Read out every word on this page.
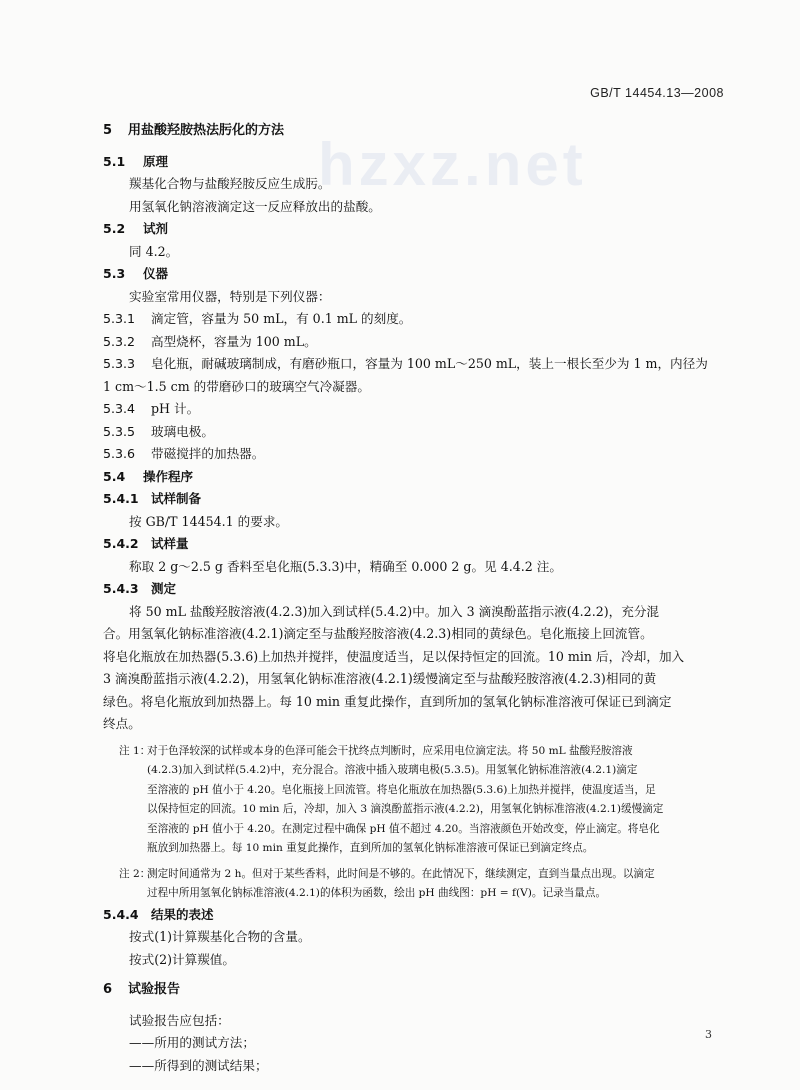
hzxz.net
GB/T 14454.13—2008
5 用盐酸羟胺热法肟化的方法
5.1 原理
羰基化合物与盐酸羟胺反应生成肟。
用氢氧化钠溶液滴定这一反应释放出的盐酸。
5.2 试剂
同 4.2。
5.3 仪器
实验室常用仪器，特别是下列仪器：
5.3.1 滴定管，容量为 50 mL，有 0.1 mL 的刻度。
5.3.2 高型烧杯，容量为 100 mL。
5.3.3 皂化瓶，耐碱玻璃制成，有磨砂瓶口，容量为 100 mL～250 mL，装上一根长至少为 1 m，内径为
1 cm～1.5 cm 的带磨砂口的玻璃空气冷凝器。
5.3.4 pH 计。
5.3.5 玻璃电极。
5.3.6 带磁搅拌的加热器。
5.4 操作程序
5.4.1 试样制备
按 GB/T 14454.1 的要求。
5.4.2 试样量
称取 2 g～2.5 g 香料至皂化瓶(5.3.3)中，精确至 0.000 2 g。见 4.4.2 注。
5.4.3 测定
将 50 mL 盐酸羟胺溶液(4.2.3)加入到试样(5.4.2)中。加入 3 滴溴酚蓝指示液(4.2.2)，充分混
合。用氢氧化钠标准溶液(4.2.1)滴定至与盐酸羟胺溶液(4.2.3)相同的黄绿色。皂化瓶接上回流管。
将皂化瓶放在加热器(5.3.6)上加热并搅拌，使温度适当，足以保持恒定的回流。10 min 后，冷却，加入
3 滴溴酚蓝指示液(4.2.2)，用氢氧化钠标准溶液(4.2.1)缓慢滴定至与盐酸羟胺溶液(4.2.3)相同的黄
绿色。将皂化瓶放到加热器上。每 10 min 重复此操作，直到所加的氢氧化钠标准溶液可保证已到滴定
终点。
注 1：对于色泽较深的试样或本身的色泽可能会干扰终点判断时，应采用电位滴定法。将 50 mL 盐酸羟胺溶液
(4.2.3)加入到试样(5.4.2)中，充分混合。溶液中插入玻璃电极(5.3.5)。用氢氧化钠标准溶液(4.2.1)滴定
至溶液的 pH 值小于 4.20。皂化瓶接上回流管。将皂化瓶放在加热器(5.3.6)上加热并搅拌，使温度适当，足
以保持恒定的回流。10 min 后，冷却，加入 3 滴溴酚蓝指示液(4.2.2)，用氢氧化钠标准溶液(4.2.1)缓慢滴定
至溶液的 pH 值小于 4.20。在测定过程中确保 pH 值不超过 4.20。当溶液颜色开始改变，停止滴定。将皂化
瓶放到加热器上。每 10 min 重复此操作，直到所加的氢氧化钠标准溶液可保证已到滴定终点。
注 2：测定时间通常为 2 h。但对于某些香料，此时间是不够的。在此情况下，继续测定，直到当量点出现。以滴定
过程中所用氢氧化钠标准溶液(4.2.1)的体积为函数，绘出 pH 曲线图：pH = f(V)。记录当量点。
5.4.4 结果的表述
按式(1)计算羰基化合物的含量。
按式(2)计算羰值。
6 试验报告
试验报告应包括：
——所用的测试方法；
——所得到的测试结果；
3
